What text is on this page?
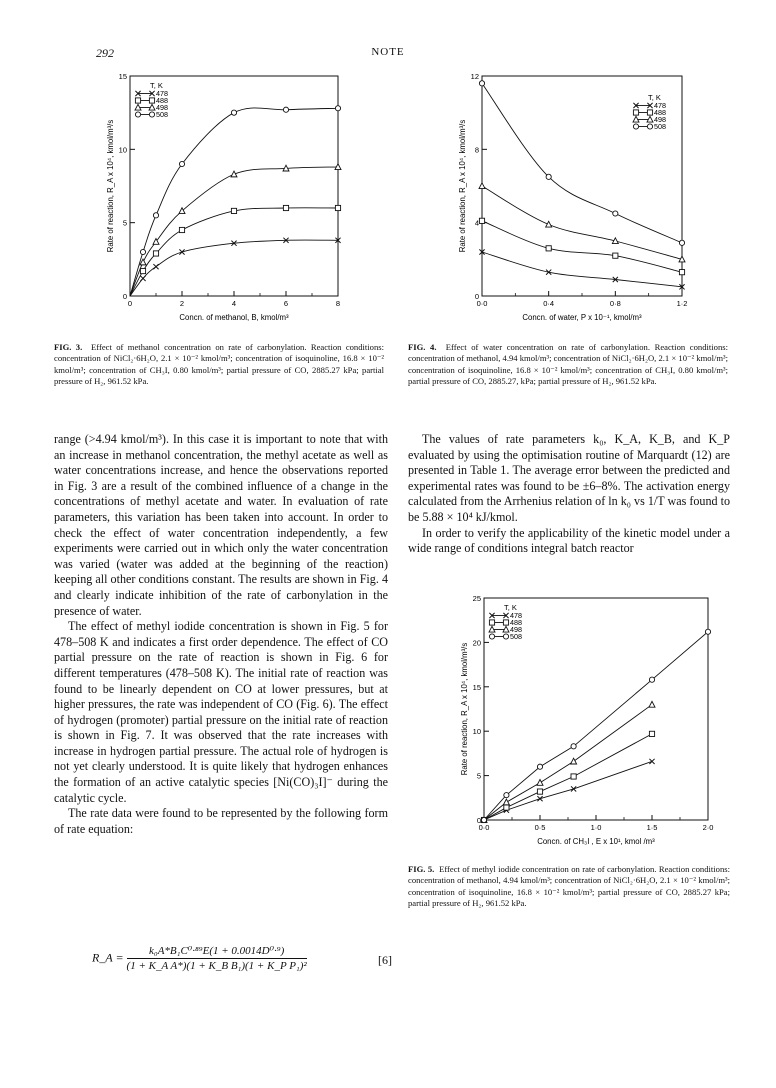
292	NOTE
0	2	4	6	8
0
5
10
15
Concn. of methanol, B, kmol/m³
Rate of reaction, R_A x 10⁴, kmol/m³/s
T, K
478
488
498
508
FIG. 3. Effect of methanol concentration on rate of carbonylation. Reaction conditions: concentration of NiCl₂·6H₂O, 2.1 × 10⁻² kmol/m³; concentration of isoquinoline, 16.8 × 10⁻² kmol/m³; concentration of CH₃I, 0.80 kmol/m³; partial pressure of CO, 2885.27 kPa; partial pressure of H₂, 961.52 kPa.
0·0	0·4	0·8	1·2
0
4
8
12
Concn. of water, P x 10⁻¹, kmol/m³
Rate of reaction, R_A x 10⁴, kmol/m³/s
T, K
478
488
498
508
FIG. 4. Effect of water concentration on rate of carbonylation. Reaction conditions: concentration of methanol, 4.94 kmol/m³; concentration of NiCl₂·6H₂O, 2.1 × 10⁻² kmol/m³; concentration of isoquinoline, 16.8 × 10⁻² kmol/m³; concentration of CH₃I, 0.80 kmol/m³; partial pressure of CO, 2885.27, kPa; partial pressure of H₂, 961.52 kPa.

range (>4.94 kmol/m³). In this case it is important to note that with an increase in methanol concentration, the methyl acetate as well as water concentrations increase, and hence the observations reported in Fig. 3 are a result of the combined influence of a change in the concentrations of methyl acetate and water. In evaluation of rate parameters, this variation has been taken into account. In order to check the effect of water concentration independently, a few experiments were carried out in which only the water concentration was varied (water was added at the beginning of the reaction) keeping all other conditions constant. The results are shown in Fig. 4 and clearly indicate inhibition of the rate of carbonylation in the presence of water.

The effect of methyl iodide concentration is shown in Fig. 5 for 478–508 K and indicates a first order dependence. The effect of CO partial pressure on the rate of reaction is shown in Fig. 6 for different temperatures (478–508 K). The initial rate of reaction was found to be linearly dependent on CO at lower pressures, but at higher pressures, the rate was independent of CO (Fig. 6). The effect of hydrogen (promoter) partial pressure on the initial rate of reaction is shown in Fig. 7. It was observed that the rate increases with increase in hydrogen partial pressure. The actual role of hydrogen is not yet clearly understood. It is quite likely that hydrogen enhances the formation of an active catalytic species [Ni(CO)₃I]⁻ during the catalytic cycle.

The rate data were found to be represented by the following form of rate equation:

R_A = $\frac{\text{k₀A*B₁C⁰·⁸⁹E(1 + 0.0014D⁰·⁹)}}{\text{(1 + K\_A A*)(1 + K\_B B₁)(1 + K\_P P₁)²}}$	[6]

The values of rate parameters k₀, K_A, K_B, and K_P evaluated by using the optimisation routine of Marquardt (12) are presented in Table 1. The average error between the predicted and experimental rates was found to be ±6–8%. The activation energy calculated from the Arrhenius relation of ln k₀ vs 1/T was found to be 5.88 × 10⁴ kJ/kmol.

In order to verify the applicability of the kinetic model under a wide range of conditions integral batch reactor

0·0	0·5	1·0	1·5	2·0
0
5
10
15
20
25
Concn. of CH₃I , E x 10¹, kmol /m³
Rate of reaction, R_A x 10⁴, kmol/m³/s
T, K
478
488
498
508
FIG. 5. Effect of methyl iodide concentration on rate of carbonylation. Reaction conditions: concentration of methanol, 4.94 kmol/m³; concentration of NiCl₂·6H₂O, 2.1 × 10⁻² kmol/m³; concentration of isoquinoline, 16.8 × 10⁻² kmol/m³; partial pressure of CO, 2885.27 kPa; partial pressure of H₂, 961.52 kPa.
